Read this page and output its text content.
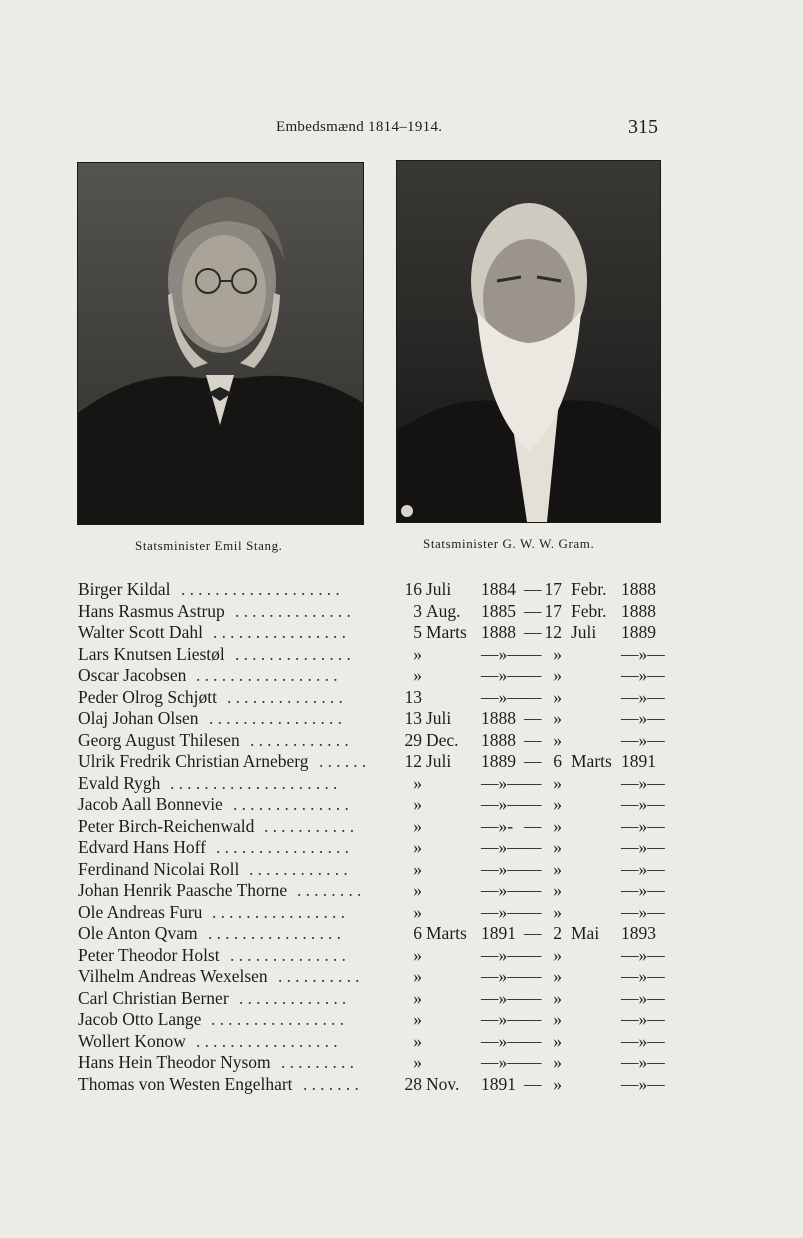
Embedsmænd 1814–1914.	315
Statsminister Emil Stang.	Statsminister G. W. W. Gram.
Birger Kildal ...................	16 Juli 1884 — 17 Febr. 1888
Hans Rasmus Astrup ..............	3 Aug. 1885 — 17 Febr. 1888
Walter Scott Dahl ................	5 Marts 1888 — 12 Juli 1889
Lars Knutsen Liestøl ..............	»	—»— — »	—»—
Oscar Jacobsen .................	»	—»— — »	—»—
Peder Olrog Schjøtt ..............	13	—»— — »	—»—
Olaj Johan Olsen ................	13 Juli 1888 — »	—»—
Georg August Thilesen ............	29 Dec. 1888 — »	—»—
Ulrik Fredrik Christian Arneberg ...... 12 Juli 1889 — 6 Marts 1891
Evald Rygh ....................	»	—»— — »	—»—
Jacob Aall Bonnevie ..............	»	—»— — »	—»—
Peter Birch-Reichenwald ...........	»	—»- — »	—»—
Edvard Hans Hoff ................	»	—»— — »	—»—
Ferdinand Nicolai Roll ............	»	—»— — »	—»—
Johan Henrik Paasche Thorne ........	»	—»— — »	—»—
Ole Andreas Furu ................	»	—»— — »	—»—
Ole Anton Qvam ................	6 Marts 1891 — 2 Mai 1893
Peter Theodor Holst ..............	»	—»— — »	—»—
Vilhelm Andreas Wexelsen ..........	»	—»— — »	—»—
Carl Christian Berner .............	»	—»— — »	—»—
Jacob Otto Lange ................	»	—»— — »	—»—
Wollert Konow .................	»	—»— — »	—»—
Hans Hein Theodor Nysom .........	»	—»— — »	—»—
Thomas von Westen Engelhart ....... 28 Nov. 1891 — »	—»—
